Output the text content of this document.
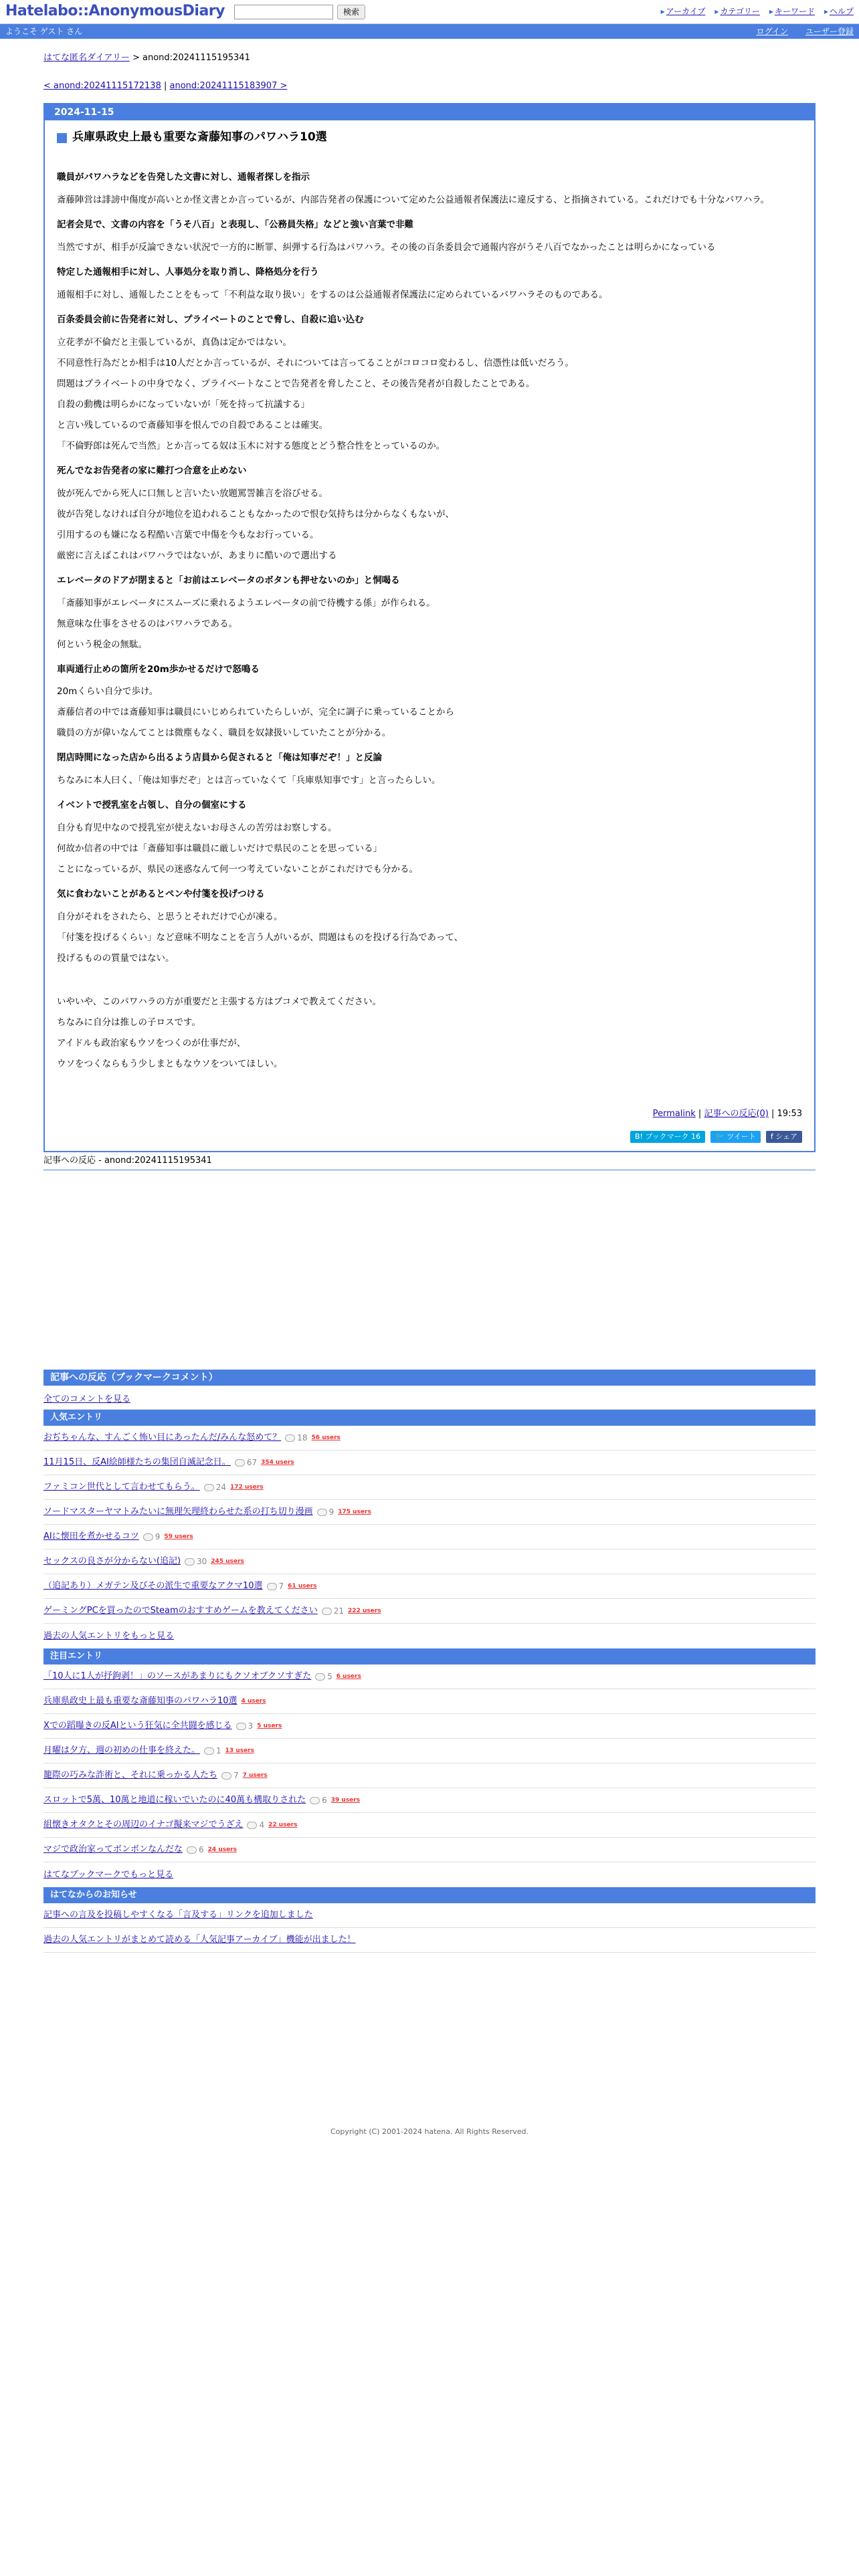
Hatelabo::AnonymousDiary	検索	▸ アーカイブ	▸ カテゴリー	▸ キーワード	▸ ヘルプ
ようこそ ゲスト さん	ログイン ユーザー登録
はてな匿名ダイアリー > anond:20241115195341
< anond:20241115172138 | anond:20241115183907 >
2024-11-15
兵庫県政史上最も重要な斎藤知事のパワハラ10選
職員がパワハラなどを告発した文書に対し、通報者探しを指示
斎藤陣営は誹謗中傷度が高いとか怪文書とか言っているが、内部告発者の保護について定めた公益通報者保護法に違反する、と指摘されている。これだけでも十分なパワハラ。
記者会見で、文書の内容を「うそ八百」と表現し、「公務員失格」などと強い言葉で非難
当然ですが、相手が反論できない状況で一方的に断罪、糾弾する行為はパワハラ。その後の百条委員会で通報内容がうそ八百でなかったことは明らかになっている
特定した通報相手に対し、人事処分を取り消し、降格処分を行う
通報相手に対し、通報したことをもって「不利益な取り扱い」をするのは公益通報者保護法に定められているパワハラそのものである。
百条委員会前に告発者に対し、プライベートのことで脅し、自殺に追い込む
立花孝が不倫だと主張しているが、真偽は定かではない。
不同意性行為だとか相手は10人だとか言っているが、それについては言ってることがコロコロ変わるし、信憑性は低いだろう。
問題はプライベートの中身でなく、プライベートなことで告発者を脅したこと、その後告発者が自殺したことである。
自殺の動機は明らかになっていないが「死を持って抗議する」
と言い残しているので斎藤知事を恨んでの自殺であることは確実。
「不倫野郎は死んで当然」とか言ってる奴は玉木に対する態度とどう整合性をとっているのか。
死んでなお告発者の家に難打つ合意を止めない
彼が死んでから死人に口無しと言いたい放題罵詈雑言を浴びせる。
彼が告発しなければ自分が地位を追われることもなかったので恨む気持ちは分からなくもないが、
引用するのも嫌になる程酷い言葉で中傷を今もなお行っている。
厳密に言えばこれはパワハラではないが、あまりに酷いので選出する
エレベータのドアが閉まると「お前はエレベータのボタンも押せないのか」と恫喝る
「斎藤知事がエレベータにスムーズに乗れるようエレベータの前で待機する係」が作られる。
無意味な仕事をさせるのはパワハラである。
何という税金の無駄。
車両通行止めの箇所を20m歩かせるだけで怒鳴る
20mくらい自分で歩け。
斎藤信者の中では斎藤知事は職員にいじめられていたらしいが、完全に調子に乗っていることから
職員の方が偉いなんてことは微塵もなく、職員を奴隷扱いしていたことが分かる。
閉店時間になった店から出るよう店員から促されると「俺は知事だぞ！」と反論
ちなみに本人曰く、「俺は知事だぞ」とは言っていなくて「兵庫県知事です」と言ったらしい。
イベントで授乳室を占領し、自分の個室にする
自分も育児中なので授乳室が使えないお母さんの苦労はお察しする。
何故か信者の中では「斎藤知事は職員に厳しいだけで県民のことを思っている」
ことになっているが、県民の迷惑なんて何一つ考えていないことがこれだけでも分かる。
気に食わないことがあるとペンや付箋を投げつける
自分がそれをされたら、と思うとそれだけで心が凍る。
「付箋を投げるくらい」など意味不明なことを言う人がいるが、問題はものを投げる行為であって、
投げるものの質量ではない。
いやいや、このパワハラの方が重要だと主張する方はブコメで教えてください。
ちなみに自分は推しの子ロスです。
アイドルも政治家もウソをつくのが仕事だが、
ウソをつくならもう少しまともなウソをついてほしい。
Permalink | 記事への反応(0) | 19:53
B! ブックマーク 16	🐦 ツイート	f シェア
記事への反応 - anond:20241115195341
記事への反応（ブックマークコメント）
全てのコメントを見る
人気エントリ
おぢちゃんな、すんごく怖い目にあったんだ/みんな怒めて？ 18 56 users
11月15日、反AI絵師様たちの集団自滅記念日。 67 354 users
ファミコン世代として言わせてもらう。 24 172 users
ソードマスターヤマトみたいに無理矢理終わらせた系の打ち切り漫画 9 175 users
AIに懐田を煮かせるコツ 9 59 users
セックスの良さが分からない(追記) 30 245 users
（追記あり）メガテン及びその派生で重要なアクマ10選 7 61 users
ゲーミングPCを買ったのでSteamのおすすめゲームを教えてください 21 222 users
過去の人気エントリをもっと見る
注目エントリ
「10人に1人が抒鉤剥！」のソースがあまりにもクソオブクソすぎた 5 6 users
兵庫県政史上最も重要な斎藤知事のパワハラ10選 4 users
Xでの蹈曝きの反AIという狂気に全共闘を感じる 3 5 users
月曜は夕方、週の初めの仕事を終えた。 1 13 users
籠際の巧みな詐術と、それに乗っかる人たち 7 7 users
スロットで5萬、10萬と地道に稼いでいたのに40萬も構取りされた 6 39 users
組懐きオタクとその周辺のイナゴ擬来マジでうざえ 4 22 users
マジで政治家ってボンボンなんだな 6 24 users
はてなブックマークでもっと見る
はてなからのお知らせ
記事への言及を投稿しやすくなる「言及する」リンクを追加しました
過去の人気エントリがまとめて読める「人気記事アーカイブ」機能が出ました！
Copyright (C) 2001-2024 hatena. All Rights Reserved.
